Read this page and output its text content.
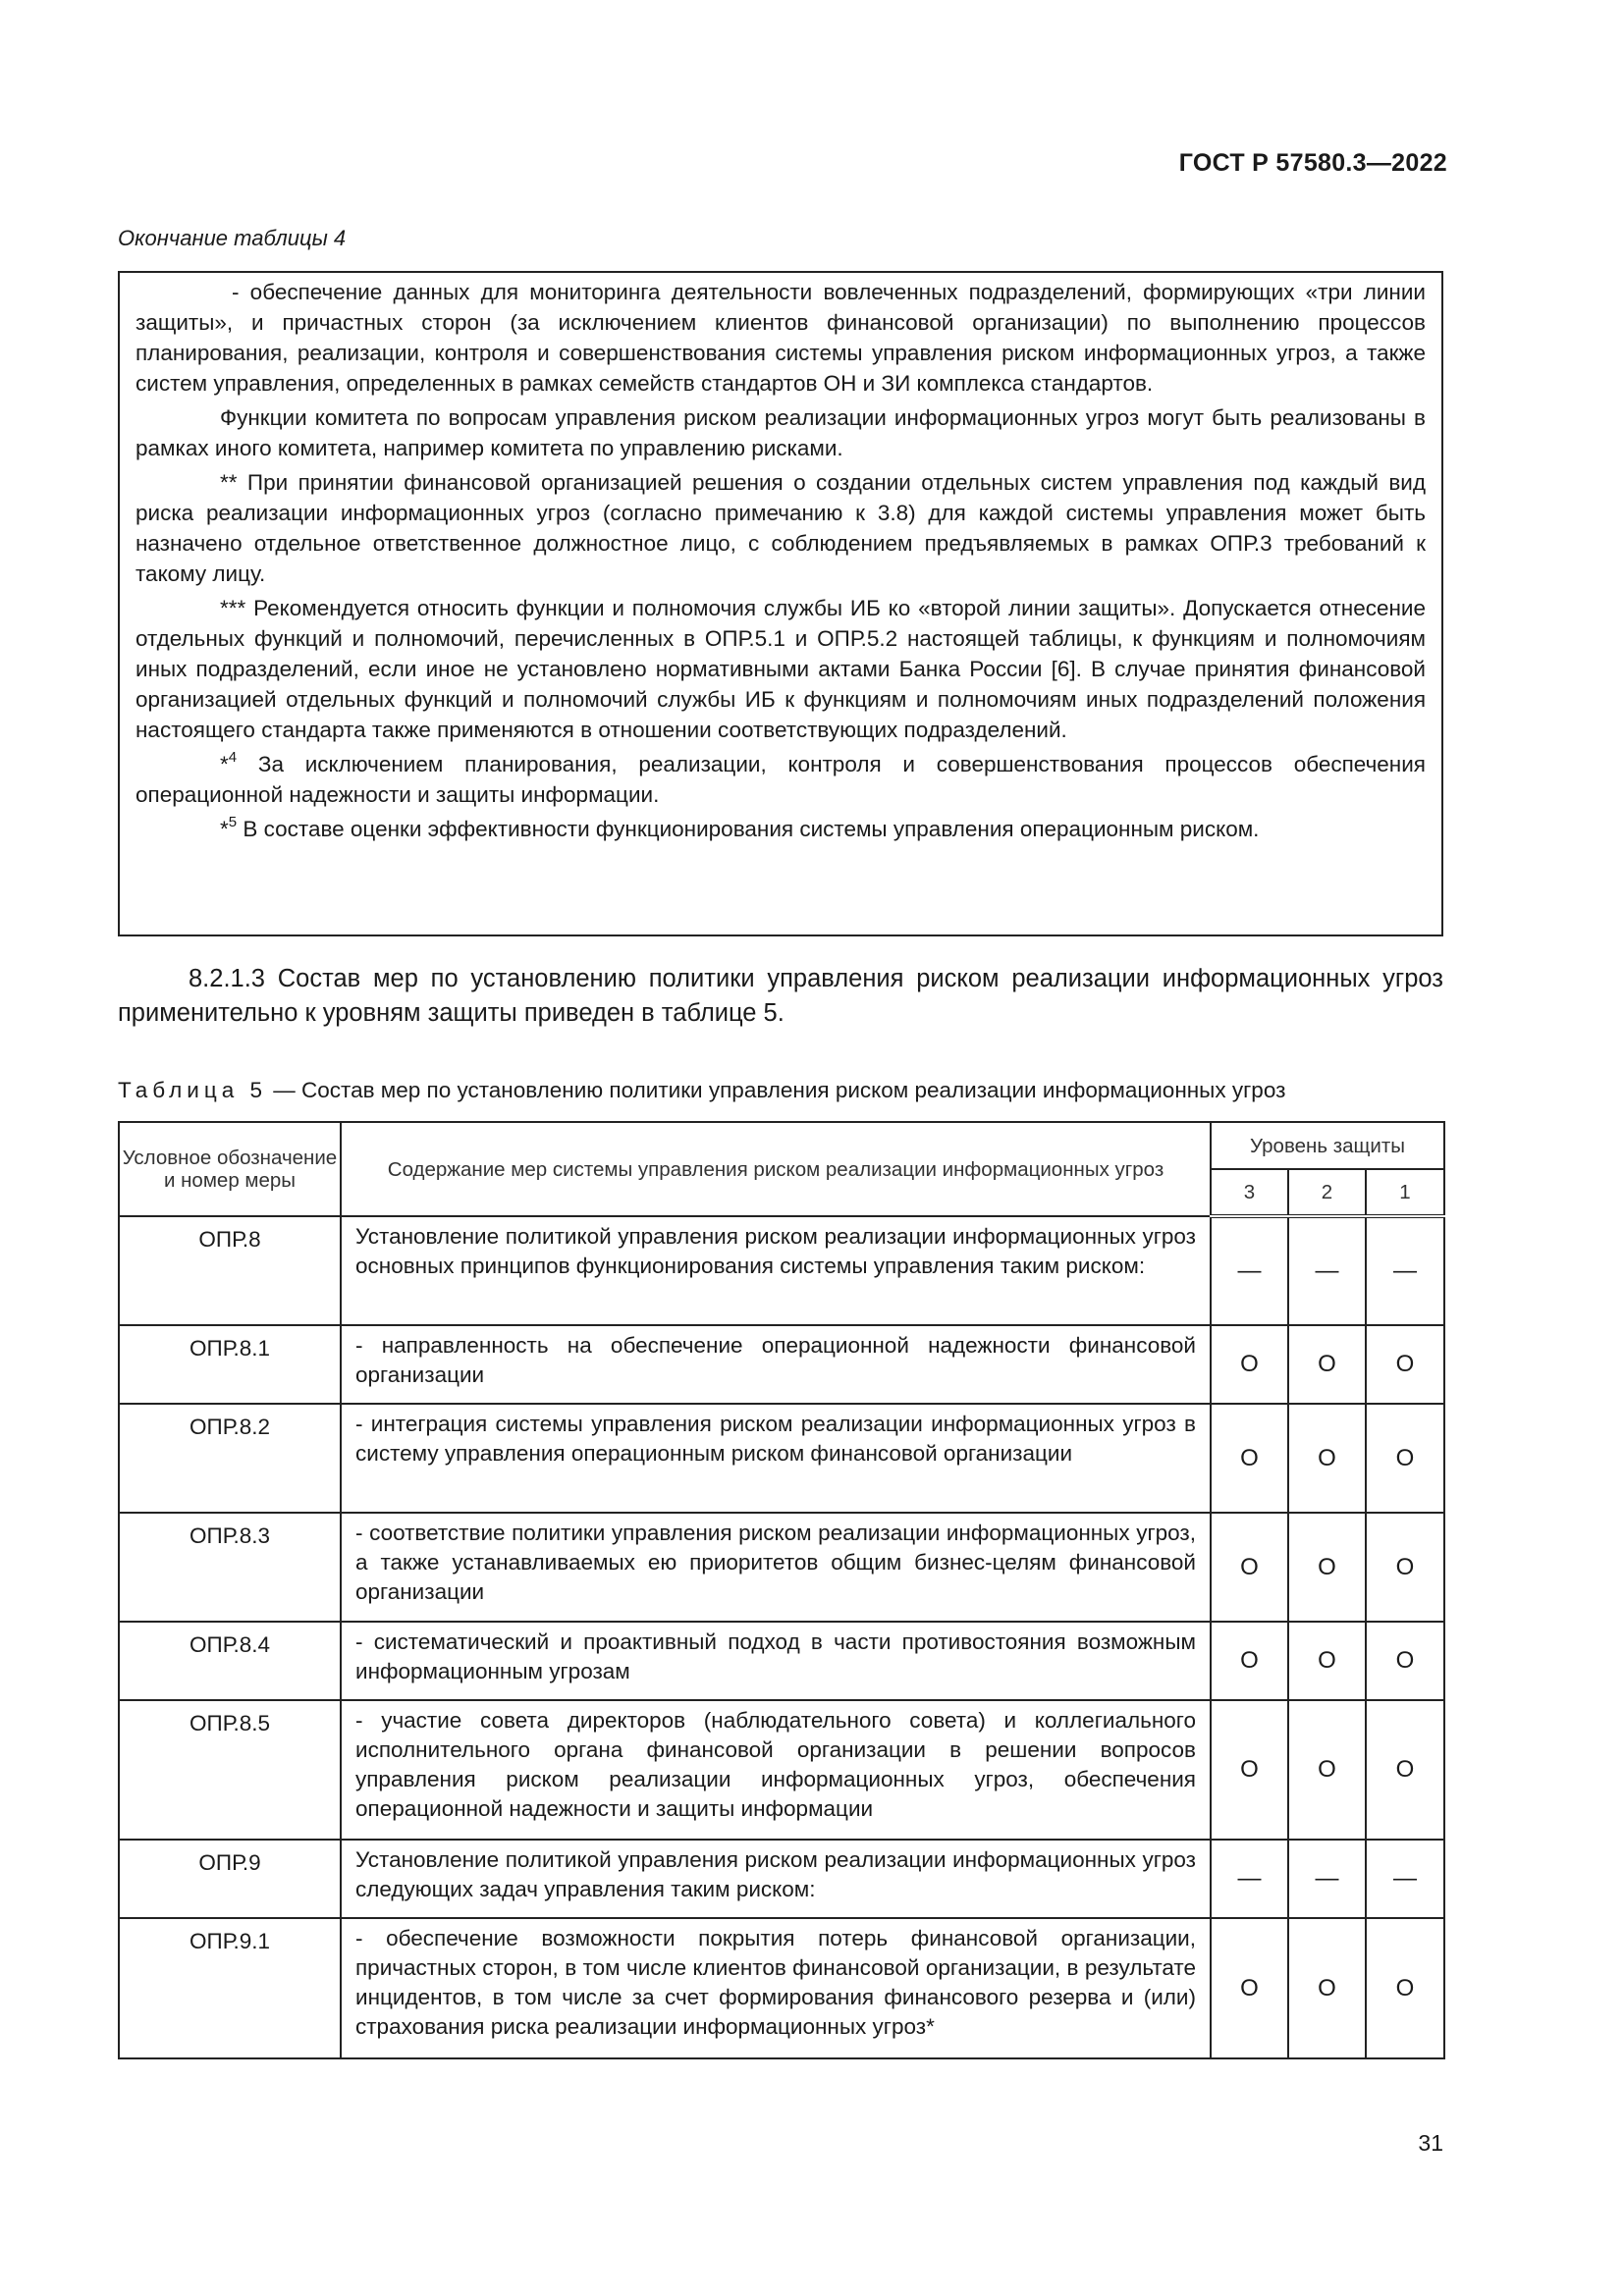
ГОСТ Р 57580.3—2022
Окончание таблицы 4

- обеспечение данных для мониторинга деятельности вовлеченных подразделений, формирующих «три линии защиты», и причастных сторон (за исключением клиентов финансовой организации) по выполнению процессов планирования, реализации, контроля и совершенствования системы управления риском информационных угроз, а также систем управления, определенных в рамках семейств стандартов ОН и ЗИ комплекса стандартов.

Функции комитета по вопросам управления риском реализации информационных угроз могут быть реализованы в рамках иного комитета, например комитета по управлению рисками.

** При принятии финансовой организацией решения о создании отдельных систем управления под каждый вид риска реализации информационных угроз (согласно примечанию к 3.8) для каждой системы управления может быть назначено отдельное ответственное должностное лицо, с соблюдением предъявляемых в рамках ОПР.3 требований к такому лицу.

*** Рекомендуется относить функции и полномочия службы ИБ ко «второй линии защиты». Допускается отнесение отдельных функций и полномочий, перечисленных в ОПР.5.1 и ОПР.5.2 настоящей таблицы, к функциям и полномочиям иных подразделений, если иное не установлено нормативными актами Банка России [6]. В случае принятия финансовой организацией отдельных функций и полномочий службы ИБ к функциям и полномочиям иных подразделений положения настоящего стандарта также применяются в отношении соответствующих подразделений.

*$^4$ За исключением планирования, реализации, контроля и совершенствования процессов обеспечения операционной надежности и защиты информации.

*$^5$ В составе оценки эффективности функционирования системы управления операционным риском.

8.2.1.3 Состав мер по установлению политики управления риском реализации информационных угроз применительно к уровням защиты приведен в таблице 5.

Таблица 5 — Состав мер по установлению политики управления риском реализации информационных угроз
Условное обозначение и номер меры	Содержание мер системы управления риском реализации информационных угроз	Уровень защиты		
		3	2	1
ОПР.8	Установление политикой управления риском реализации информационных угроз основных принципов функционирования системы управления таким риском:	—	—	—
ОПР.8.1	- направленность на обеспечение операционной надежности финансовой организации	О	О	О
ОПР.8.2	- интеграция системы управления риском реализации информационных угроз в систему управления операционным риском финансовой организации	О	О	О
ОПР.8.3	- соответствие политики управления риском реализации информационных угроз, а также устанавливаемых ею приоритетов общим бизнес-целям финансовой организации	О	О	О
ОПР.8.4	- систематический и проактивный подход в части противостояния возможным информационным угрозам	О	О	О
ОПР.8.5	- участие совета директоров (наблюдательного совета) и коллегиального исполнительного органа финансовой организации в решении вопросов управления риском реализации информационных угроз, обеспечения операционной надежности и защиты информации	О	О	О
ОПР.9	Установление политикой управления риском реализации информационных угроз следующих задач управления таким риском:	—	—	—
ОПР.9.1	- обеспечение возможности покрытия потерь финансовой организации, причастных сторон, в том числе клиентов финансовой организации, в результате инцидентов, в том числе за счет формирования финансового резерва и (или) страхования риска реализации информационных угроз*	О	О	О
31
